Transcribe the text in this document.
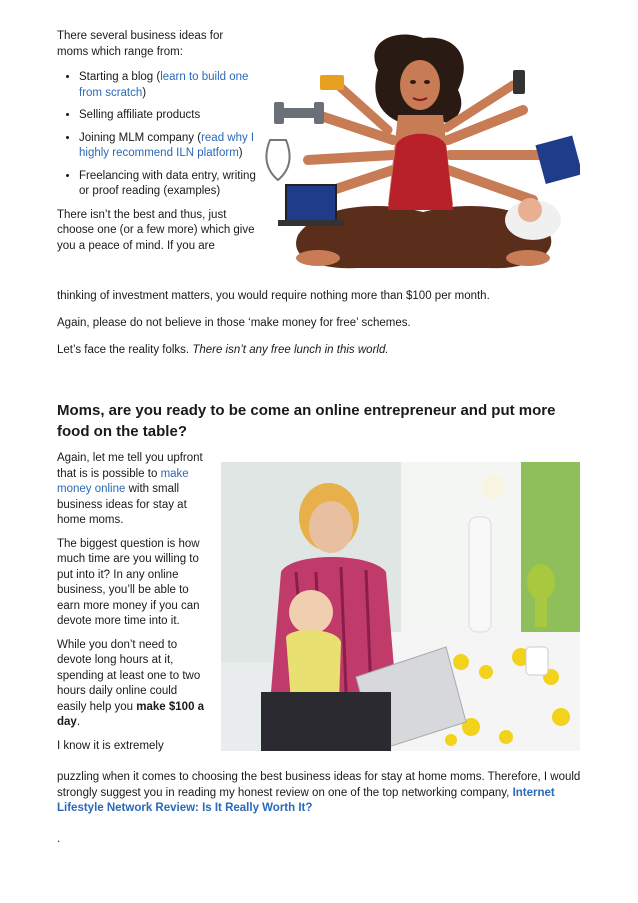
There several business ideas for moms which range from:

• Starting a blog (learn to build one from scratch)
• Selling affiliate products
• Joining MLM company (read why I highly recommend ILN platform)
• Freelancing with data entry, writing or proof reading (examples)

There isn’t the best and thus, just choose one (or a few more) which give you a peace of mind. If you are

thinking of investment matters, you would require nothing more than $100 per month.

Again, please do not believe in those ‘make money for free’ schemes.

Let’s face the reality folks. There isn’t any free lunch in this world.

Moms, are you ready to be come an online entrepreneur and put more food on the table?

Again, let me tell you upfront that is is possible to make money online with small business ideas for stay at home moms.

The biggest question is how much time are you willing to put into it? In any online business, you’ll be able to earn more money if you can devote more time into it.

While you don’t need to devote long hours at it, spending at least one to two hours daily online could easily help you make $100 a day.

I know it is extremely

puzzling when it comes to choosing the best business ideas for stay at home moms. Therefore, I would strongly suggest you in reading my honest review on one of the top networking company, Internet Lifestyle Network Review: Is It Really Worth It?

.
